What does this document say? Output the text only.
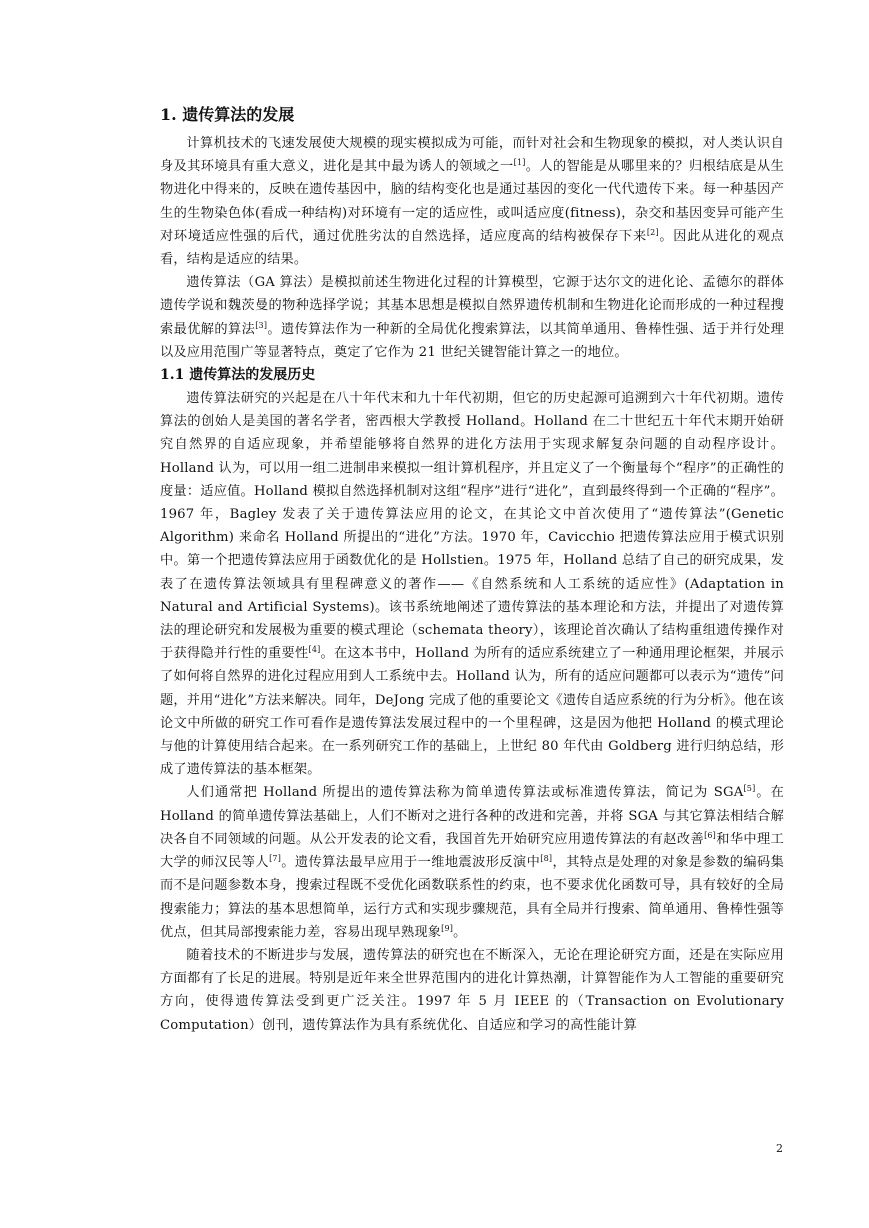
1. 遗传算法的发展

计算机技术的飞速发展使大规模的现实模拟成为可能，而针对社会和生物现象的模拟，对人类认识自身及其环境具有重大意义，进化是其中最为诱人的领域之一[1]。人的智能是从哪里来的？归根结底是从生物进化中得来的，反映在遗传基因中，脑的结构变化也是通过基因的变化一代代遗传下来。每一种基因产生的生物染色体(看成一种结构)对环境有一定的适应性，或叫适应度(fitness)，杂交和基因变异可能产生对环境适应性强的后代，通过优胜劣汰的自然选择，适应度高的结构被保存下来[2]。因此从进化的观点看，结构是适应的结果。

遗传算法（GA 算法）是模拟前述生物进化过程的计算模型，它源于达尔文的进化论、孟德尔的群体遗传学说和魏茨曼的物种选择学说；其基本思想是模拟自然界遗传机制和生物进化论而形成的一种过程搜索最优解的算法[3]。遗传算法作为一种新的全局优化搜索算法，以其简单通用、鲁棒性强、适于并行处理以及应用范围广等显著特点，奠定了它作为 21 世纪关键智能计算之一的地位。

1.1 遗传算法的发展历史

遗传算法研究的兴起是在八十年代末和九十年代初期，但它的历史起源可追溯到六十年代初期。遗传算法的创始人是美国的著名学者，密西根大学教授 Holland。Holland 在二十世纪五十年代末期开始研究自然界的自适应现象，并希望能够将自然界的进化方法用于实现求解复杂问题的自动程序设计。Holland 认为，可以用一组二进制串来模拟一组计算机程序，并且定义了一个衡量每个“程序”的正确性的度量：适应值。Holland 模拟自然选择机制对这组“程序”进行“进化”，直到最终得到一个正确的“程序”。1967 年，Bagley 发表了关于遗传算法应用的论文，在其论文中首次使用了“遗传算法”(Genetic Algorithm) 来命名 Holland 所提出的“进化”方法。1970 年，Cavicchio 把遗传算法应用于模式识别中。第一个把遗传算法应用于函数优化的是 Hollstien。1975 年，Holland 总结了自己的研究成果，发表了在遗传算法领域具有里程碑意义的著作——《自然系统和人工系统的适应性》(Adaptation in Natural and Artificial Systems)。该书系统地阐述了遗传算法的基本理论和方法，并提出了对遗传算法的理论研究和发展极为重要的模式理论（schemata theory），该理论首次确认了结构重组遗传操作对于获得隐并行性的重要性[4]。在这本书中，Holland 为所有的适应系统建立了一种通用理论框架，并展示了如何将自然界的进化过程应用到人工系统中去。Holland 认为，所有的适应问题都可以表示为“遗传”问题，并用“进化”方法来解决。同年，DeJong 完成了他的重要论文《遗传自适应系统的行为分析》。他在该论文中所做的研究工作可看作是遗传算法发展过程中的一个里程碑，这是因为他把 Holland 的模式理论与他的计算使用结合起来。在一系列研究工作的基础上，上世纪 80 年代由 Goldberg 进行归纳总结，形成了遗传算法的基本框架。

人们通常把 Holland 所提出的遗传算法称为简单遗传算法或标准遗传算法，简记为 SGA[5]。在 Holland 的简单遗传算法基础上，人们不断对之进行各种的改进和完善，并将 SGA 与其它算法相结合解决各自不同领域的问题。从公开发表的论文看，我国首先开始研究应用遗传算法的有赵改善[6]和华中理工大学的师汉民等人[7]。遗传算法最早应用于一维地震波形反演中[8]，其特点是处理的对象是参数的编码集而不是问题参数本身，搜索过程既不受优化函数联系性的约束，也不要求优化函数可导，具有较好的全局搜索能力；算法的基本思想简单，运行方式和实现步骤规范，具有全局并行搜索、简单通用、鲁棒性强等优点，但其局部搜索能力差，容易出现早熟现象[9]。

随着技术的不断进步与发展，遗传算法的研究也在不断深入，无论在理论研究方面，还是在实际应用方面都有了长足的进展。特别是近年来全世界范围内的进化计算热潮，计算智能作为人工智能的重要研究方向，使得遗传算法受到更广泛关注。1997 年 5 月 IEEE 的（Transaction on Evolutionary Computation）创刊，遗传算法作为具有系统优化、自适应和学习的高性能计算

2
